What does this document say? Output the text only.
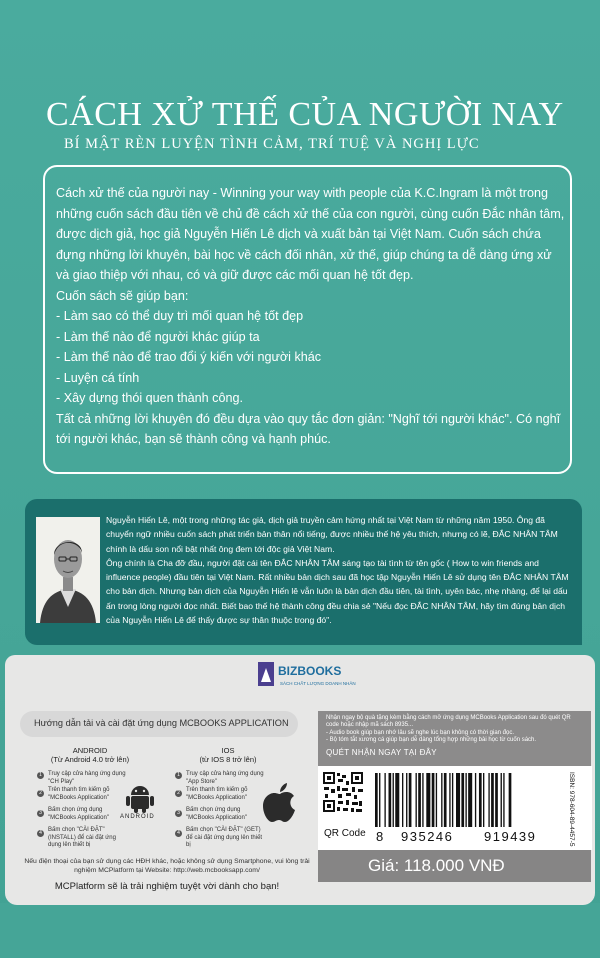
CÁCH XỬ THẾ CỦA NGƯỜI NAY
BÍ MẬT RÈN LUYỆN TÌNH CẢM, TRÍ TUỆ VÀ NGHỊ LỰC

Cách xử thế của người nay - Winning your way with people của K.C.Ingram là một trong những cuốn sách đầu tiên về chủ đề cách xử thế của con người, cùng cuốn Đắc nhân tâm, được dịch giả, học giả Nguyễn Hiến Lê dịch và xuất bản tại Việt Nam. Cuốn sách chứa đựng những lời khuyên, bài học về cách đối nhân, xử thế, giúp chúng ta dễ dàng ứng xử và giao thiệp với nhau, có và giữ được các mối quan hệ tốt đẹp.

Cuốn sách sẽ giúp bạn:

- Làm sao có thể duy trì mối quan hệ tốt đẹp
- Làm thế nào để người khác giúp ta
- Làm thế nào để trao đổi ý kiến với người khác
- Luyện cá tính
- Xây dựng thói quen thành công.

Tất cả những lời khuyên đó đều dựa vào quy tắc đơn giản: "Nghĩ tới người khác". Có nghĩ tới người khác, bạn sẽ thành công và hạnh phúc.

Nguyễn Hiến Lê, một trong những tác giả, dịch giả truyền cảm hứng nhất tại Việt Nam từ những năm 1950. Ông đã chuyển ngữ nhiều cuốn sách phát triển bản thân nổi tiếng, được nhiều thế hệ yêu thích, nhưng có lẽ, ĐẮC NHÂN TÂM chính là dấu son nổi bật nhất ông đem tới độc giả Việt Nam.

Ông chính là Cha đỡ đầu, người đặt cái tên ĐẮC NHÂN TÂM sáng tạo tài tình từ tên gốc ( How to win friends and influence people) đầu tiên tại Việt Nam. Rất nhiều bản dịch sau đã học tập Nguyễn Hiến Lê sử dụng tên ĐẮC NHÂN TÂM cho bản dịch. Nhưng bản dịch của Nguyễn Hiến lê vẫn luôn là bản dịch đầu tiên, tài tình, uyên bác, nhẹ nhàng, để lại dấu ấn trong lòng người đọc nhất. Biết bao thế hệ thành công đều chia sẻ "Nếu đọc ĐẮC NHÂN TÂM, hãy tìm đúng bản dịch của Nguyễn Hiến Lê để thấy được sự thân thuộc trong đó".

BIZBOOKS
SÁCH CHẤT LƯỢNG DOANH NHÂN
Hướng dẫn tải và cài đặt ứng dụng MCBOOKS APPLICATION
ANDROID
(Từ Android 4.0 trở lên)
IOS
(từ IOS 8 trở lên)
1	Truy cập cửa hàng ứng dụng "CH Play"
2	Trên thanh tìm kiếm gõ "MCBooks Application"
3	Bấm chọn ứng dụng "MCBooks Application"
4	Bấm chọn "CÀI ĐẶT" (INSTALL) để cài đặt ứng dụng lên thiết bị
ANDROID
1	Truy cập cửa hàng ứng dụng "App Store"
2	Trên thanh tìm kiếm gõ "MCBooks Application"
3	Bấm chọn ứng dụng "MCBooks Application"
4	Bấm chọn "CÀI ĐẶT" (GET) để cài đặt ứng dụng lên thiết bị
Nếu điện thoại của bạn sử dụng các HĐH khác, hoặc không sử dụng Smartphone, vui lòng trải nghiệm MCPlatform tại Website: http://web.mcbooksapp.com/
MCPlatform sẽ là trải nghiệm tuyệt vời dành cho bạn!

Nhận ngay bộ quà tặng kèm bằng cách mở ứng dụng MCBooks Application sau đó quét QR code hoặc nhập mã sách 8935...

- Audio book giúp bạn nhớ lâu sẽ nghe lúc bạn không có thời gian đọc.

- Bộ tóm tắt xương cá giúp bạn dễ dàng tổng hợp những bài học từ cuốn sách.

QUÉT NHẬN NGAY TẠI ĐÂY

QR Code 8 935246 919439	ISBN: 978-604-89-4457-5
Giá: 118.000 VNĐ
